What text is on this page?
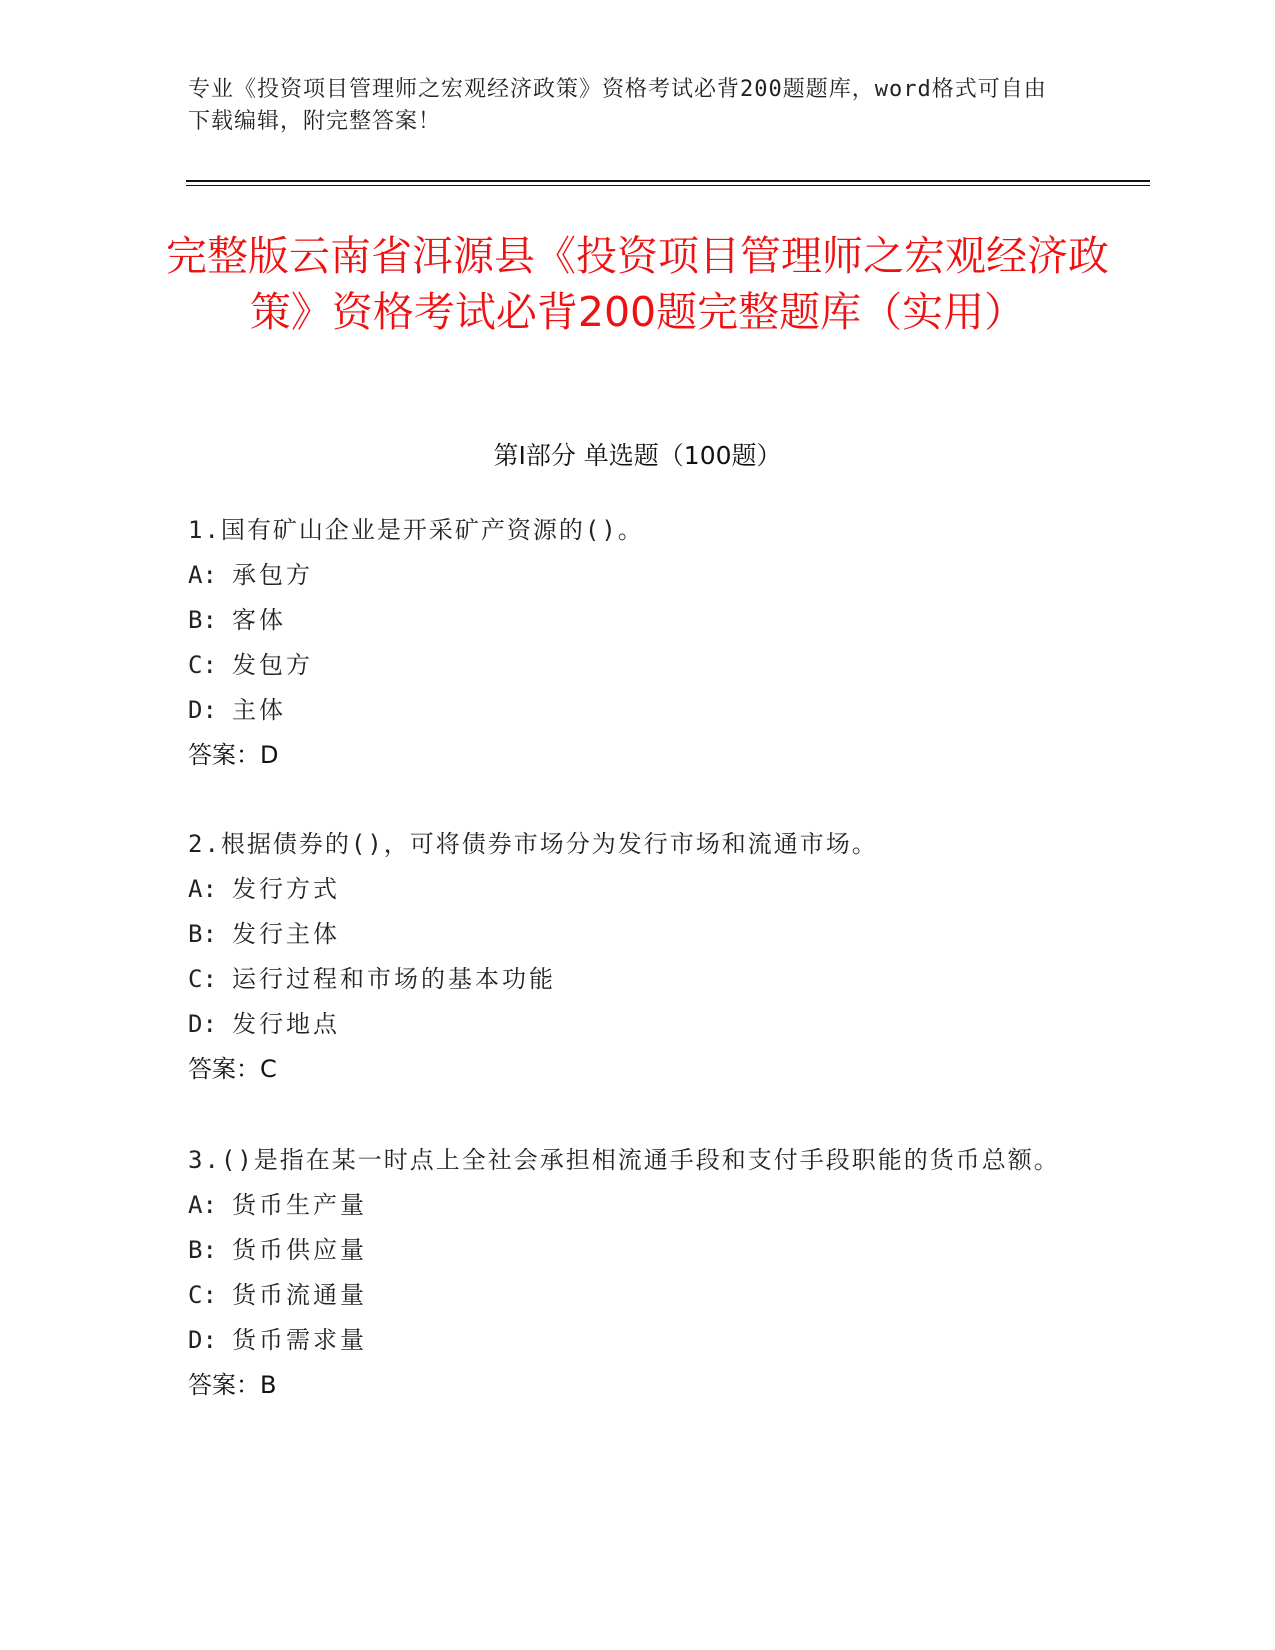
专业《投资项目管理师之宏观经济政策》资格考试必背200题题库，word格式可自由下载编辑，附完整答案！
完整版云南省洱源县《投资项目管理师之宏观经济政策》资格考试必背200题完整题库（实用）
第Ⅰ部分 单选题（100题）

1.国有矿山企业是开采矿产资源的()。

A: 承包方

B: 客体

C: 发包方

D: 主体

答案：D

2.根据债券的()，可将债券市场分为发行市场和流通市场。

A: 发行方式

B: 发行主体

C: 运行过程和市场的基本功能

D: 发行地点

答案：C

3.()是指在某一时点上全社会承担相流通手段和支付手段职能的货币总额。

A: 货币生产量

B: 货币供应量

C: 货币流通量

D: 货币需求量

答案：B
